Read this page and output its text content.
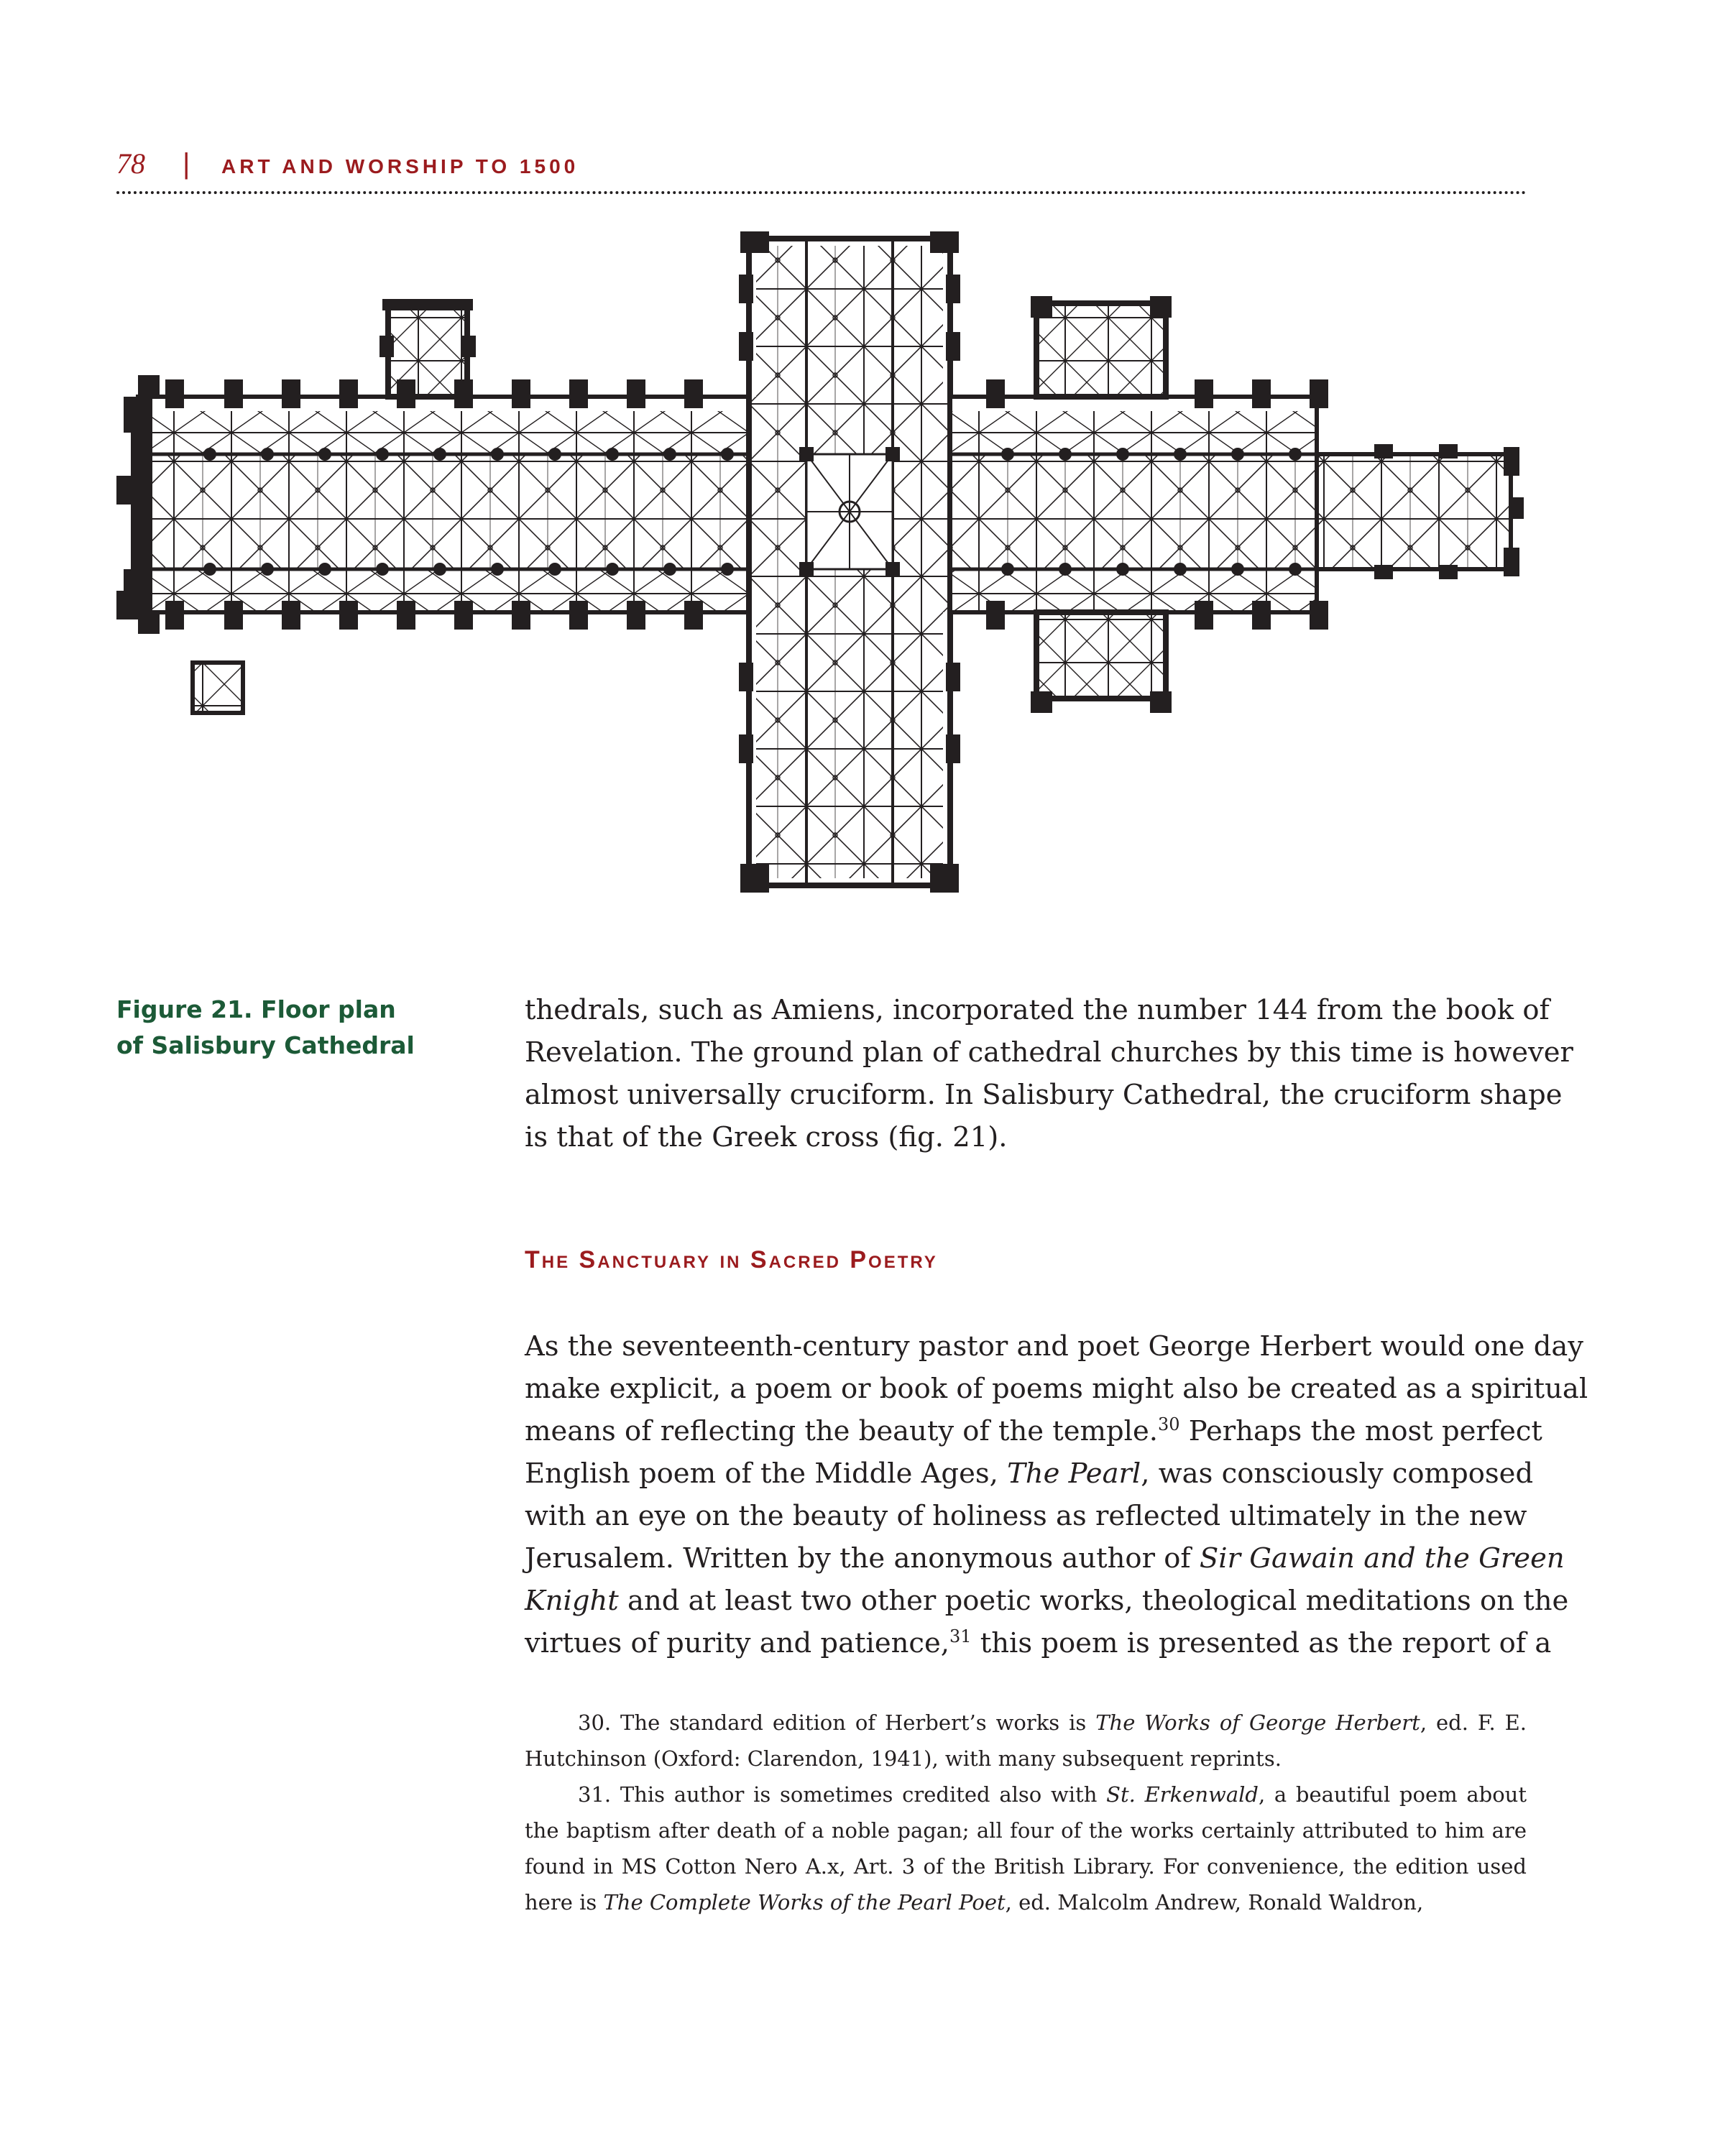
78 | ART AND WORSHIP TO 1500
Figure 21. Floor plan of Salisbury Cathedral
thedrals, such as Amiens, incorporated the number 144 from the book of
Revelation. The ground plan of cathedral churches by this time is however
almost universally cruciform. In Salisbury Cathedral, the cruciform shape
is that of the Greek cross (fig. 21).
The Sanctuary in Sacred Poetry
As the seventeenth-century pastor and poet George Herbert would one day
make explicit, a poem or book of poems might also be created as a spiritual
means of reflecting the beauty of the temple.$^{30}$ Perhaps the most perfect
English poem of the Middle Ages, The Pearl, was consciously composed
with an eye on the beauty of holiness as reflected ultimately in the new
Jerusalem. Written by the anonymous author of Sir Gawain and the Green
Knight and at least two other poetic works, theological meditations on the
virtues of purity and patience,$^{31}$ this poem is presented as the report of a

30. The standard edition of Herbert’s works is The Works of George Herbert, ed. F. E. Hutchinson (Oxford: Clarendon, 1941), with many subsequent reprints.

31. This author is sometimes credited also with St. Erkenwald, a beautiful poem about the baptism after death of a noble pagan; all four of the works certainly attributed to him are found in MS Cotton Nero A.x, Art. 3 of the British Library. For convenience, the edition used here is The Complete Works of the Pearl Poet, ed. Malcolm Andrew, Ronald Waldron,
